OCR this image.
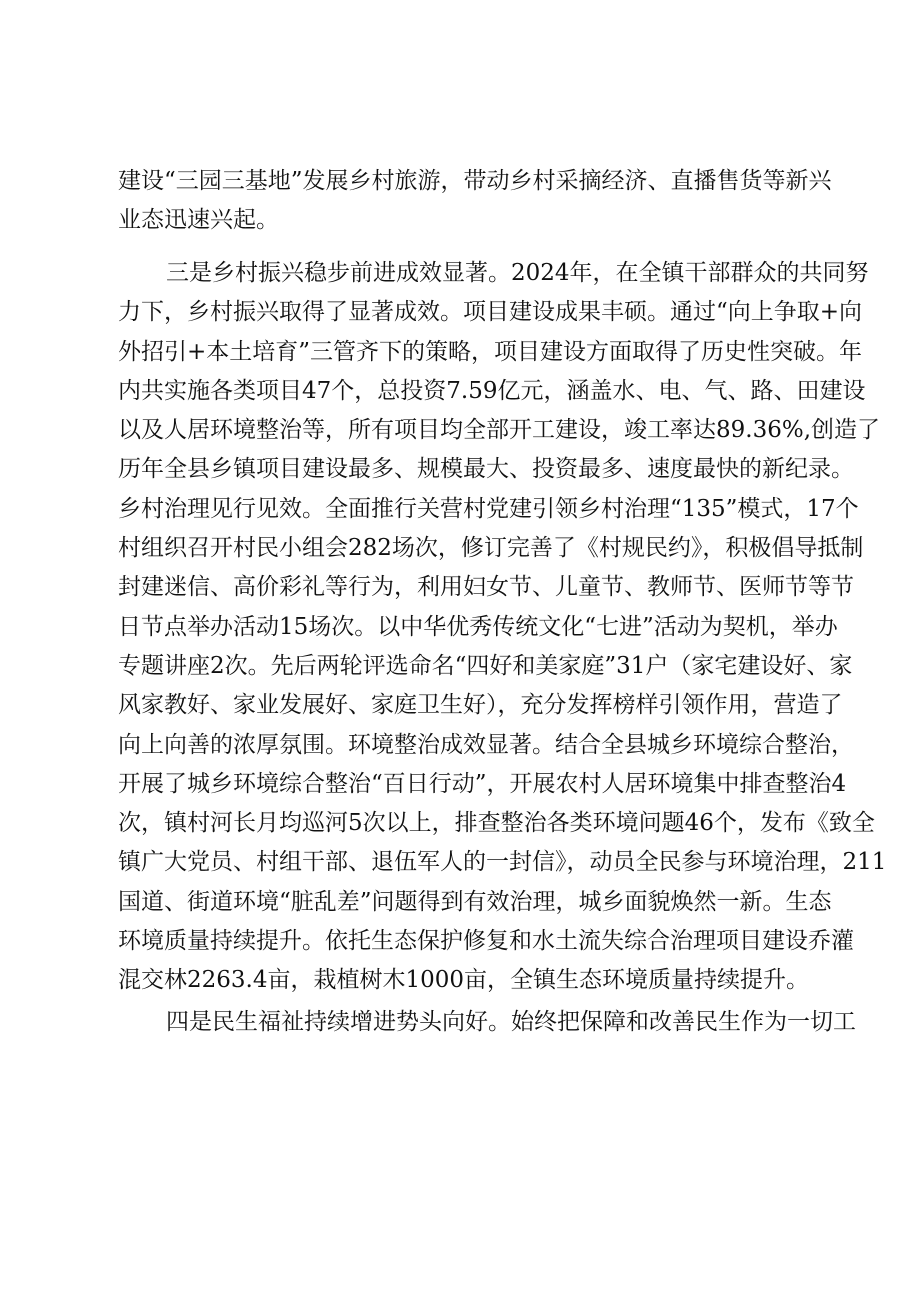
建设“三园三基地”发展乡村旅游，带动乡村采摘经济、直播售货等新兴
业态迅速兴起。
三是乡村振兴稳步前进成效显著。2024年，在全镇干部群众的共同努
力下，乡村振兴取得了显著成效。项目建设成果丰硕。通过“向上争取+向
外招引+本土培育”三管齐下的策略，项目建设方面取得了历史性突破。年
内共实施各类项目47个，总投资7.59亿元，涵盖水、电、气、路、田建设
以及人居环境整治等，所有项目均全部开工建设，竣工率达89.36%,创造了
历年全县乡镇项目建设最多、规模最大、投资最多、速度最快的新纪录。
乡村治理见行见效。全面推行关营村党建引领乡村治理“135”模式，17个
村组织召开村民小组会282场次，修订完善了《村规民约》，积极倡导抵制
封建迷信、高价彩礼等行为，利用妇女节、儿童节、教师节、医师节等节
日节点举办活动15场次。以中华优秀传统文化“七进”活动为契机，举办
专题讲座2次。先后两轮评选命名“四好和美家庭”31户（家宅建设好、家
风家教好、家业发展好、家庭卫生好），充分发挥榜样引领作用，营造了
向上向善的浓厚氛围。环境整治成效显著。结合全县城乡环境综合整治，
开展了城乡环境综合整治“百日行动”，开展农村人居环境集中排查整治4
次，镇村河长月均巡河5次以上，排查整治各类环境问题46个，发布《致全
镇广大党员、村组干部、退伍军人的一封信》，动员全民参与环境治理，211
国道、街道环境“脏乱差”问题得到有效治理，城乡面貌焕然一新。生态
环境质量持续提升。依托生态保护修复和水土流失综合治理项目建设乔灌
混交林2263.4亩，栽植树木1000亩，全镇生态环境质量持续提升。
四是民生福祉持续增进势头向好。始终把保障和改善民生作为一切工
